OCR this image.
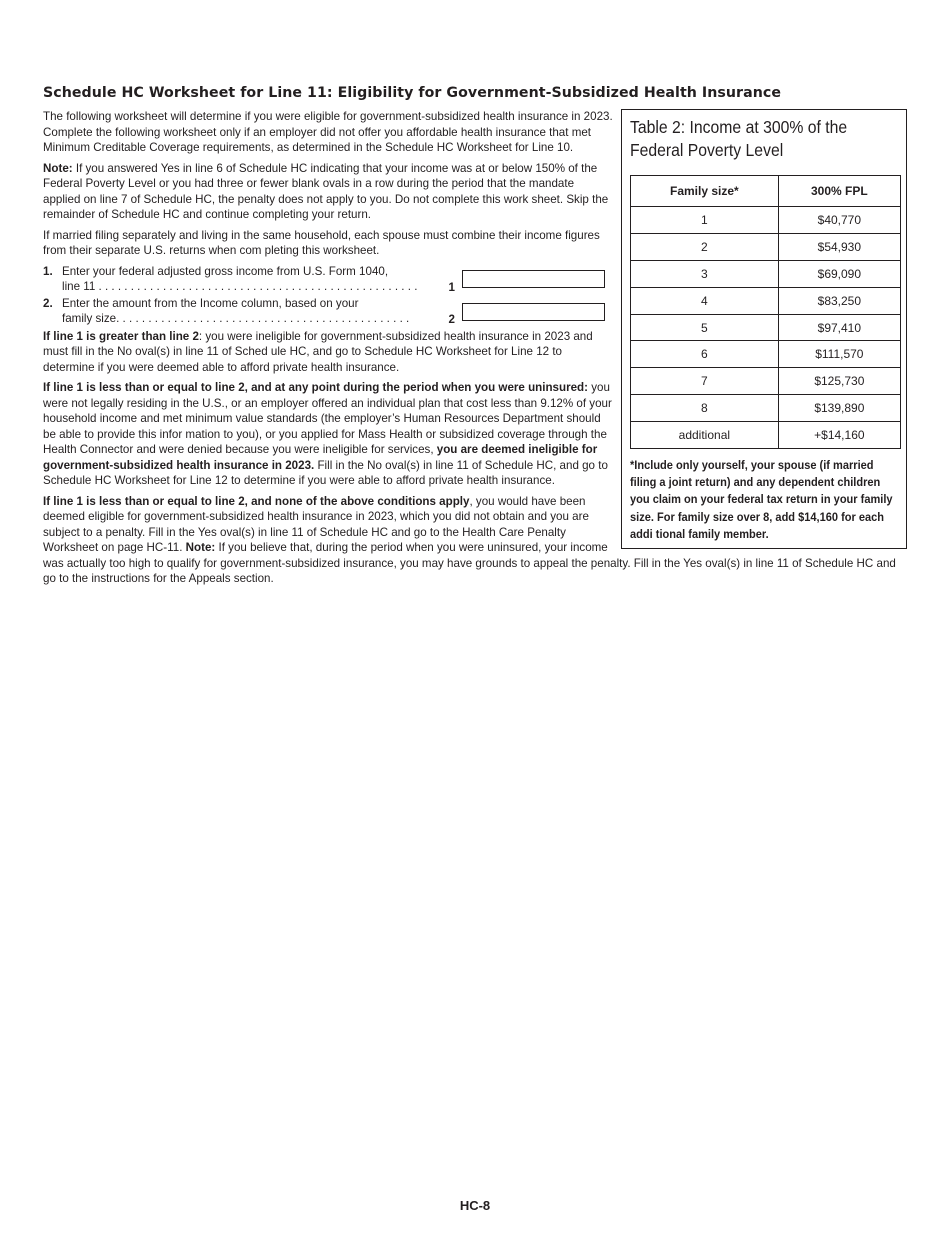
Schedule HC Worksheet for Line 11: Eligibility for Government-Subsidized Health Insurance
Table 2: Income at 300% of the
Federal Poverty Level
Family size*	300% FPL
1	$40,770
2	$54,930
3	$69,090
4	$83,250
5	$97,410
6	$111,570
7	$125,730
8	$139,890
additional	+$14,160
*Include only yourself, your spouse (if married filing a joint return) and any dependent children you claim on your federal tax return in your family size. For family size over 8, add $14,160 for each addi tional family member.

The following worksheet will determine if you were eligible for government-subsidized health insurance in 2023. Complete the following worksheet only if an employer did not offer you affordable health insurance that met Minimum Creditable Coverage requirements, as determined in the Schedule HC Worksheet for Line 10.

Note: If you answered Yes in line 6 of Schedule HC indicating that your income was at or below 150% of the Federal Poverty Level or you had three or fewer blank ovals in a row during the period that the mandate applied on line 7 of Schedule HC, the penalty does not apply to you. Do not complete this work sheet. Skip the remainder of Schedule HC and continue completing your return.

If married filing separately and living in the same household, each spouse must combine their income figures from their separate U.S. returns when com pleting this worksheet.

1. Enter your federal adjusted gross income from U.S. Form 1040,
line 11 . . . . . . . . . . . . . . . . . . . . . . . . . . . . . . . . . . . . . . . . . . . . . . . . . .	1
2. Enter the amount from the Income column, based on your
family size. . . . . . . . . . . . . . . . . . . . . . . . . . . . . . . . . . . . . . . . . . . . . .	2

If line 1 is greater than line 2: you were ineligible for government-subsidized health insurance in 2023 and must fill in the No oval(s) in line 11 of Sched ule HC, and go to Schedule HC Worksheet for Line 12 to determine if you were deemed able to afford private health insurance.

If line 1 is less than or equal to line 2, and at any point during the period when you were uninsured: you were not legally residing in the U.S., or an employer offered an individual plan that cost less than 9.12% of your household income and met minimum value standards (the employer’s Human Resources Department should be able to provide this infor mation to you), or you applied for Mass Health or subsidized coverage through the Health Connector and were denied because you were ineligible for services, you are deemed ineligible for government-subsidized health insurance in 2023. Fill in the No oval(s) in line 11 of Schedule HC, and go to Schedule HC Worksheet for Line 12 to determine if you were able to afford private health insurance.

If line 1 is less than or equal to line 2, and none of the above conditions apply, you would have been deemed eligible for government-subsidized health insurance in 2023, which you did not obtain and you are subject to a penalty. Fill in the Yes oval(s) in line 11 of Schedule HC and go to the Health Care Penalty Worksheet on page HC-11. Note: If you believe that, during the period when you were uninsured, your income was actually too high to qualify for government-subsidized insurance, you may have grounds to appeal the penalty. Fill in the Yes oval(s) in line 11 of Schedule HC and go to the instructions for the Appeals section.

HC-8
